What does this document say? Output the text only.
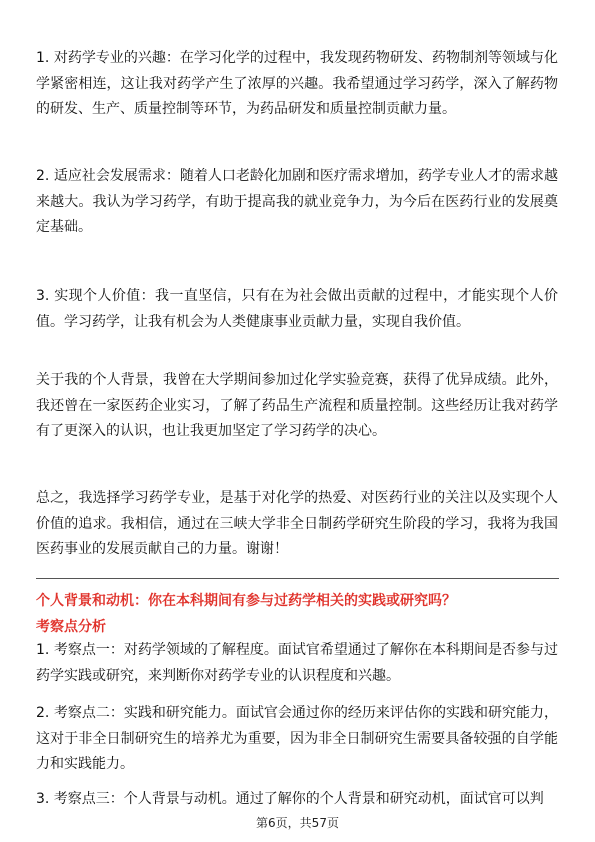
1. 对药学专业的兴趣：在学习化学的过程中，我发现药物研发、药物制剂等领域与化学紧密相连，这让我对药学产生了浓厚的兴趣。我希望通过学习药学，深入了解药物的研发、生产、质量控制等环节，为药品研发和质量控制贡献力量。
2. 适应社会发展需求：随着人口老龄化加剧和医疗需求增加，药学专业人才的需求越来越大。我认为学习药学，有助于提高我的就业竞争力，为今后在医药行业的发展奠定基础。
3. 实现个人价值：我一直坚信，只有在为社会做出贡献的过程中，才能实现个人价值。学习药学，让我有机会为人类健康事业贡献力量，实现自我价值。
关于我的个人背景，我曾在大学期间参加过化学实验竞赛，获得了优异成绩。此外，我还曾在一家医药企业实习，了解了药品生产流程和质量控制。这些经历让我对药学有了更深入的认识，也让我更加坚定了学习药学的决心。
总之，我选择学习药学专业，是基于对化学的热爱、对医药行业的关注以及实现个人价值的追求。我相信，通过在三峡大学非全日制药学研究生阶段的学习，我将为我国医药事业的发展贡献自己的力量。谢谢！
个人背景和动机：你在本科期间有参与过药学相关的实践或研究吗？
考察点分析
1. 考察点一：对药学领域的了解程度。面试官希望通过了解你在本科期间是否参与过药学实践或研究，来判断你对药学专业的认识程度和兴趣。
2. 考察点二：实践和研究能力。面试官会通过你的经历来评估你的实践和研究能力，这对于非全日制研究生的培养尤为重要，因为非全日制研究生需要具备较强的自学能力和实践能力。
3. 考察点三：个人背景与动机。通过了解你的个人背景和研究动机，面试官可以判
第6页，共57页
